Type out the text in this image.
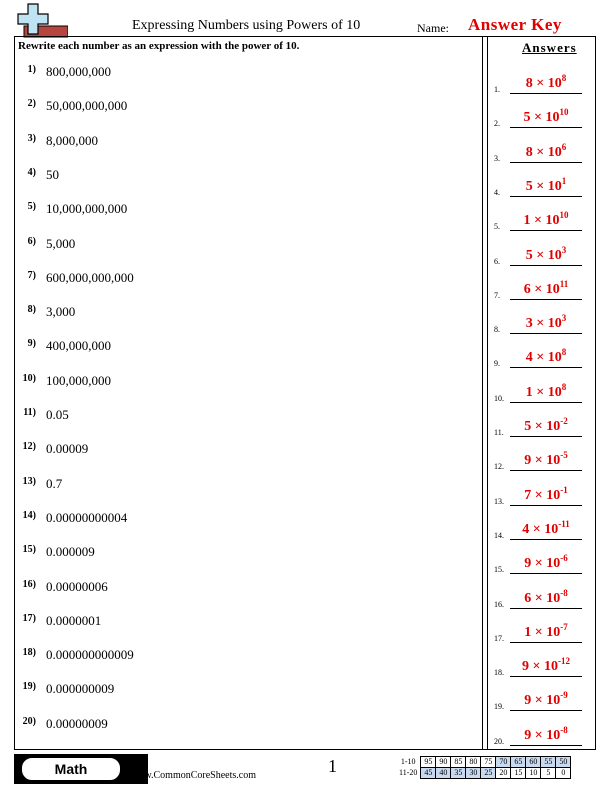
Expressing Numbers using Powers of 10	Name: Answer Key
Rewrite each number as an expression with the power of 10.	Answers
1) 800,000,000
2) 50,000,000,000
3) 8,000,000
4) 50
5) 10,000,000,000
6) 5,000
7) 600,000,000,000
8) 3,000
9) 400,000,000
10) 100,000,000
11) 0.05
12) 0.00009
13) 0.7
14) 0.00000000004
15) 0.000009
16) 0.00000006
17) 0.0000001
18) 0.000000000009
19) 0.000000009
20) 0.00000009
1.	$8 \times 10^8$
2.	$5 \times 10^{10}$
3.	$8 \times 10^6$
4.	$5 \times 10^1$
5.	$1 \times 10^{10}$
6.	$5 \times 10^3$
7.	$6 \times 10^{11}$
8.	$3 \times 10^3$
9.	$4 \times 10^8$
10.	$1 \times 10^8$
11.	$5 \times 10^{-2}$
12.	$9 \times 10^{-5}$
13.	$7 \times 10^{-1}$
14.	$4 \times 10^{-11}$
15.	$9 \times 10^{-6}$
16.	$6 \times 10^{-8}$
17.	$1 \times 10^{-7}$
18.	$9 \times 10^{-12}$
19.	$9 \times 10^{-9}$
20.	$9 \times 10^{-8}$
Math	www.CommonCoreSheets.com	1	1-10	95	90	85	80	75	70	65	60	55	50
11-20	45	40	35	30	25	20	15	10	5	0
